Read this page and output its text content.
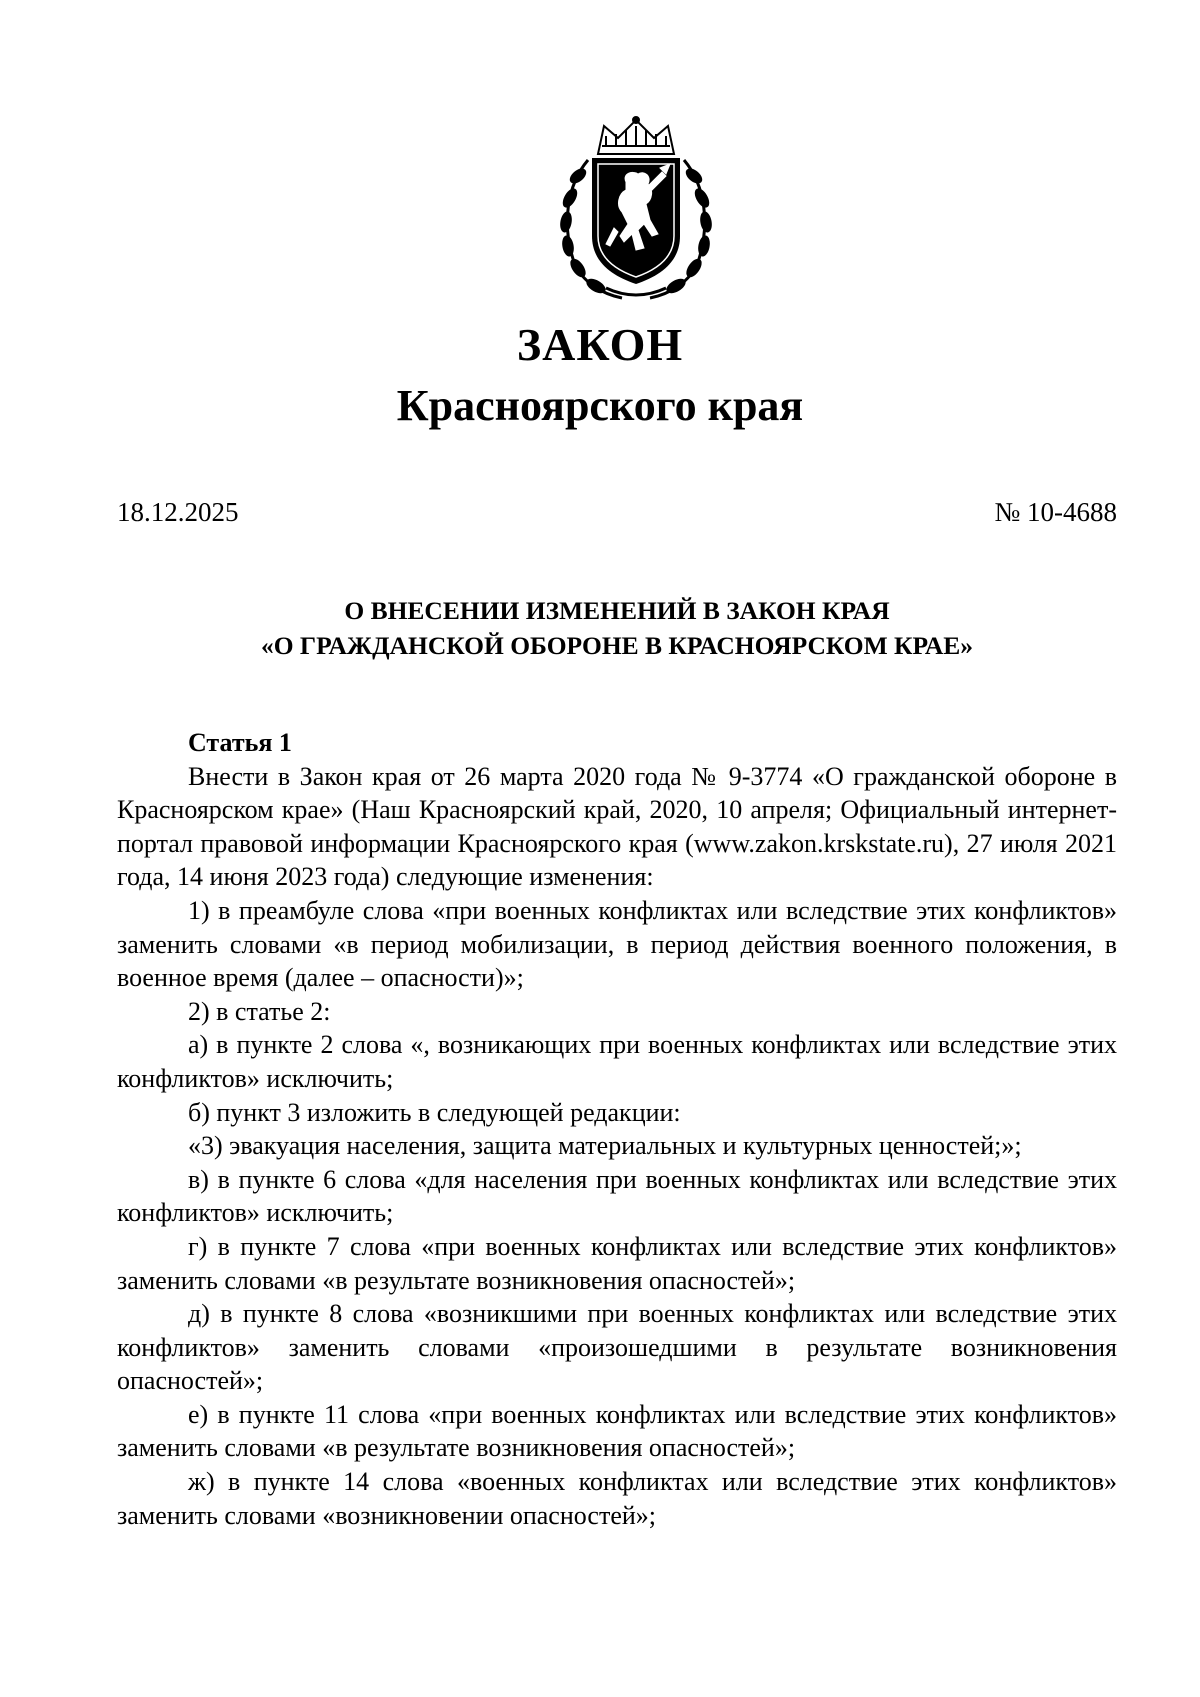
ЗАКОН
Красноярского края
18.12.2025	№ 10-4688
О ВНЕСЕНИИ ИЗМЕНЕНИЙ В ЗАКОН КРАЯ
«О ГРАЖДАНСКОЙ ОБОРОНЕ В КРАСНОЯРСКОМ КРАЕ»

Статья 1

Внести в Закон края от 26 марта 2020 года № 9-3774 «О гражданской обороне в Красноярском крае» (Наш Красноярский край, 2020, 10 апреля; Официальный интернет-портал правовой информации Красноярского края (www.zakon.krskstate.ru), 27 июля 2021 года, 14 июня 2023 года) следующие изменения:

1) в преамбуле слова «при военных конфликтах или вследствие этих конфликтов» заменить словами «в период мобилизации, в период действия военного положения, в военное время (далее – опасности)»;

2) в статье 2:

а) в пункте 2 слова «, возникающих при военных конфликтах или вследствие этих конфликтов» исключить;

б) пункт 3 изложить в следующей редакции:

«3) эвакуация населения, защита материальных и культурных ценностей;»;

в) в пункте 6 слова «для населения при военных конфликтах или вследствие этих конфликтов» исключить;

г) в пункте 7 слова «при военных конфликтах или вследствие этих конфликтов» заменить словами «в результате возникновения опасностей»;

д) в пункте 8 слова «возникшими при военных конфликтах или вследствие этих конфликтов» заменить словами «произошедшими в результате возникновения опасностей»;

е) в пункте 11 слова «при военных конфликтах или вследствие этих конфликтов» заменить словами «в результате возникновения опасностей»;

ж) в пункте 14 слова «военных конфликтах или вследствие этих конфликтов» заменить словами «возникновении опасностей»;
